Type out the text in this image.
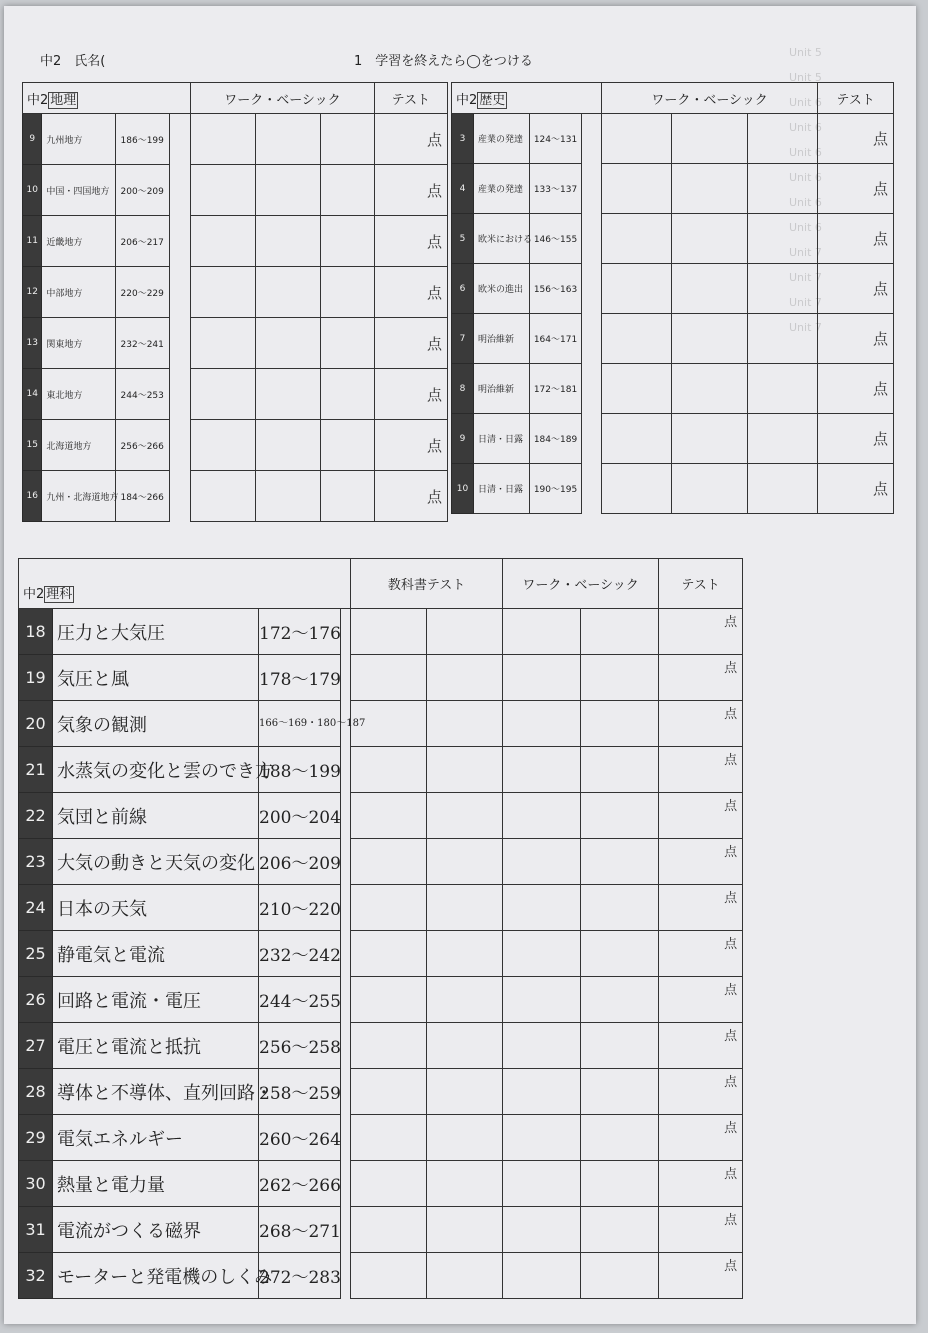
Unit 5
Unit 5
Unit 6
Unit 6
Unit 6
Unit 6
Unit 6
Unit 6
Unit 7
Unit 7
Unit 7
Unit 7
中2　氏名(	1　学習を終えたら◯をつける
中2 地理				ワーク・ベーシック			テスト
9	九州地方	186～199					点
10	中国・四国地方	200～209					点
11	近畿地方	206～217					点
12	中部地方	220～229					点
13	関東地方	232～241					点
14	東北地方	244～253					点
15	北海道地方	256～266					点
16	九州・北海道地方	184～266					点
中2 歴史				ワーク・ベーシック			テスト
3	産業の発達	124～131					点
4	産業の発達	133～137					点
5	欧米における	146～155					点
6	欧米の進出	156～163					点
7	明治維新	164～171					点
8	明治維新	172～181					点
9	日清・日露	184～189					点
10	日清・日露	190～195					点
中2 理科				教科書テスト		ワーク・ベーシック		テスト
18	圧力と大気圧	172～176						点
19	気圧と風	178～179						点
20	気象の観測	166～169・180～187						点
21	水蒸気の変化と雲のでき方	188～199						点
22	気団と前線	200～204						点
23	大気の動きと天気の変化	206～209						点
24	日本の天気	210～220						点
25	静電気と電流	232～242						点
26	回路と電流・電圧	244～255						点
27	電圧と電流と抵抗	256～258						点
28	導体と不導体、直列回路・	258～259						点
29	電気エネルギー	260～264						点
30	熱量と電力量	262～266						点
31	電流がつくる磁界	268～271						点
32	モーターと発電機のしくみ	272～283						点
